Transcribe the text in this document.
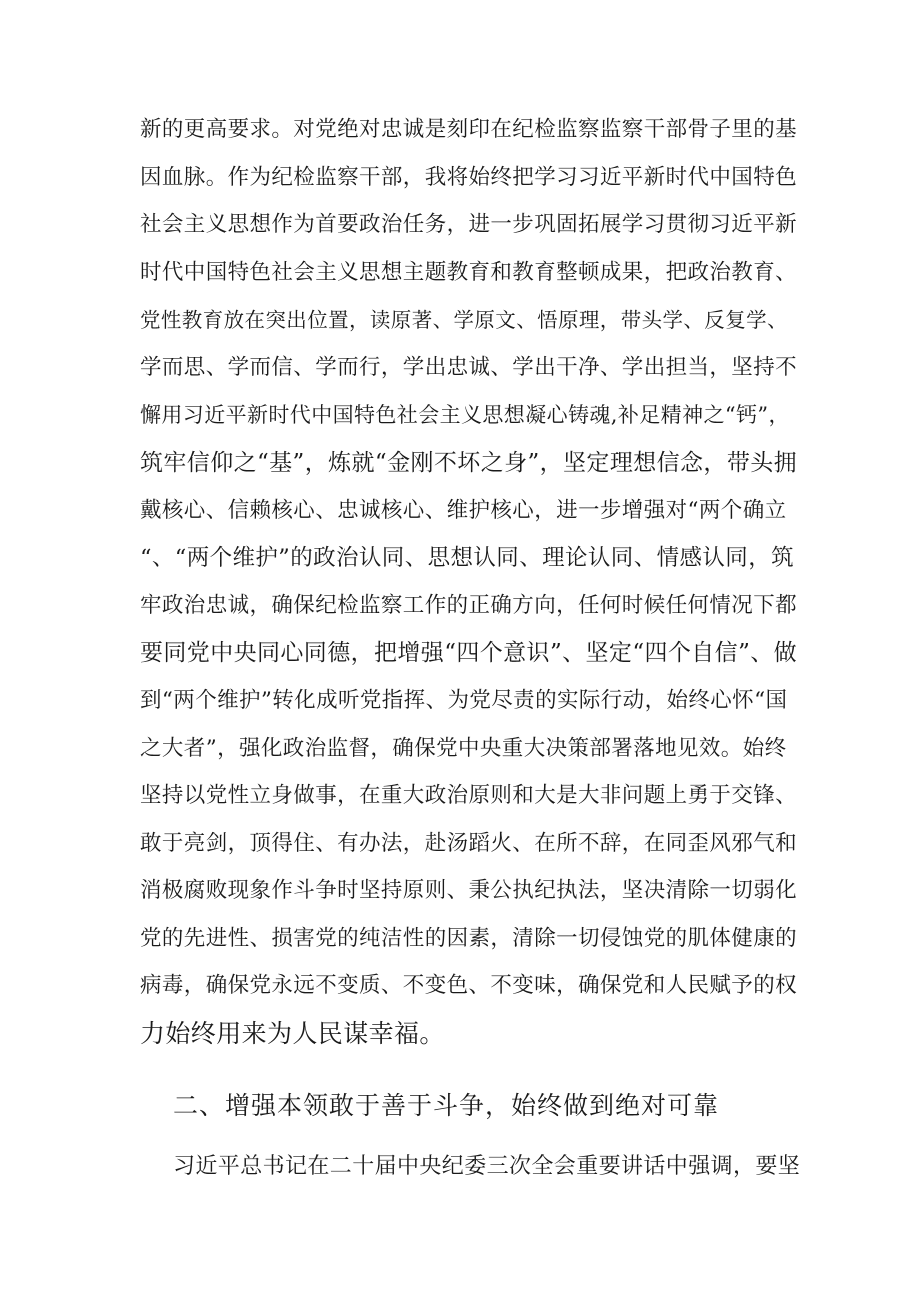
新的更高要求。对党绝对忠诚是刻印在纪检监察监察干部骨子里的基
因血脉。作为纪检监察干部，我将始终把学习习近平新时代中国特色
社会主义思想作为首要政治任务，进一步巩固拓展学习贯彻习近平新
时代中国特色社会主义思想主题教育和教育整顿成果，把政治教育、
党性教育放在突出位置，读原著、学原文、悟原理，带头学、反复学、
学而思、学而信、学而行，学出忠诚、学出干净、学出担当，坚持不
懈用习近平新时代中国特色社会主义思想凝心铸魂,补足精神之“钙”，
筑牢信仰之“基”，炼就“金刚不坏之身”，坚定理想信念，带头拥
戴核心、信赖核心、忠诚核心、维护核心，进一步增强对“两个确立
“、“两个维护”的政治认同、思想认同、理论认同、情感认同，筑
牢政治忠诚，确保纪检监察工作的正确方向，任何时候任何情况下都
要同党中央同心同德，把增强“四个意识”、坚定“四个自信”、做
到“两个维护”转化成听党指挥、为党尽责的实际行动，始终心怀“国
之大者”，强化政治监督，确保党中央重大决策部署落地见效。始终
坚持以党性立身做事，在重大政治原则和大是大非问题上勇于交锋、
敢于亮剑，顶得住、有办法，赴汤蹈火、在所不辞，在同歪风邪气和
消极腐败现象作斗争时坚持原则、秉公执纪执法，坚决清除一切弱化
党的先进性、损害党的纯洁性的因素，清除一切侵蚀党的肌体健康的
病毒，确保党永远不变质、不变色、不变味，确保党和人民赋予的权
力始终用来为人民谋幸福。
二、增强本领敢于善于斗争，始终做到绝对可靠
习近平总书记在二十届中央纪委三次全会重要讲话中强调，要坚
